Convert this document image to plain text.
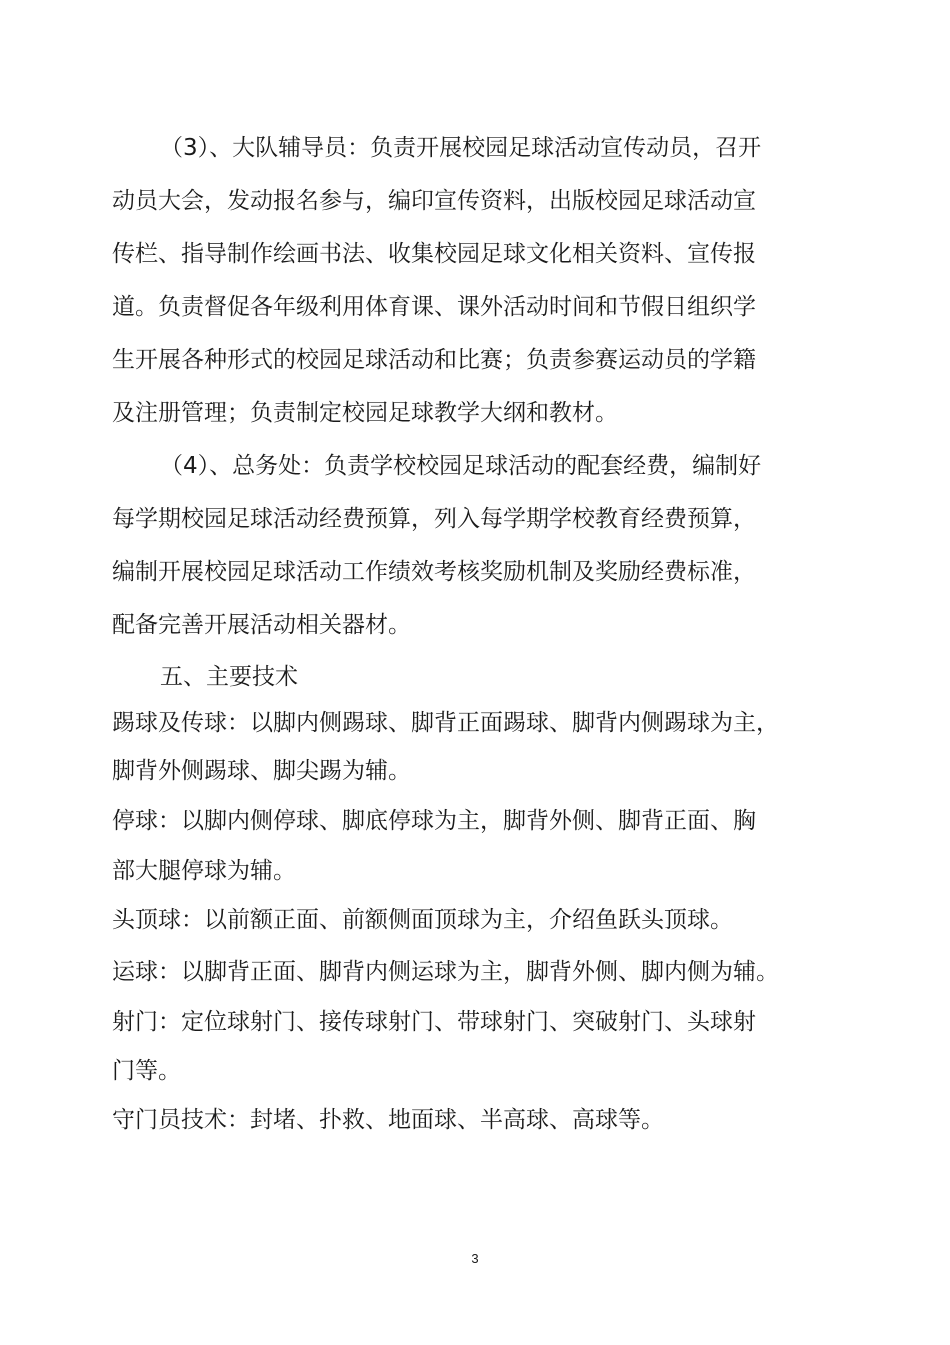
（3）、大队辅导员：负责开展校园足球活动宣传动员，召开

动员大会，发动报名参与，编印宣传资料，出版校园足球活动宣

传栏、指导制作绘画书法、收集校园足球文化相关资料、宣传报

道。负责督促各年级利用体育课、课外活动时间和节假日组织学

生开展各种形式的校园足球活动和比赛；负责参赛运动员的学籍

及注册管理；负责制定校园足球教学大纲和教材。

（4）、总务处：负责学校校园足球活动的配套经费，编制好

每学期校园足球活动经费预算，列入每学期学校教育经费预算，

编制开展校园足球活动工作绩效考核奖励机制及奖励经费标准，

配备完善开展活动相关器材。

五、主要技术

踢球及传球：以脚内侧踢球、脚背正面踢球、脚背内侧踢球为主，

脚背外侧踢球、脚尖踢为辅。

停球：以脚内侧停球、脚底停球为主，脚背外侧、脚背正面、胸

部大腿停球为辅。

头顶球：以前额正面、前额侧面顶球为主，介绍鱼跃头顶球。

运球：以脚背正面、脚背内侧运球为主，脚背外侧、脚内侧为辅。

射门：定位球射门、接传球射门、带球射门、突破射门、头球射

门等。

守门员技术：封堵、扑救、地面球、半高球、高球等。

3
